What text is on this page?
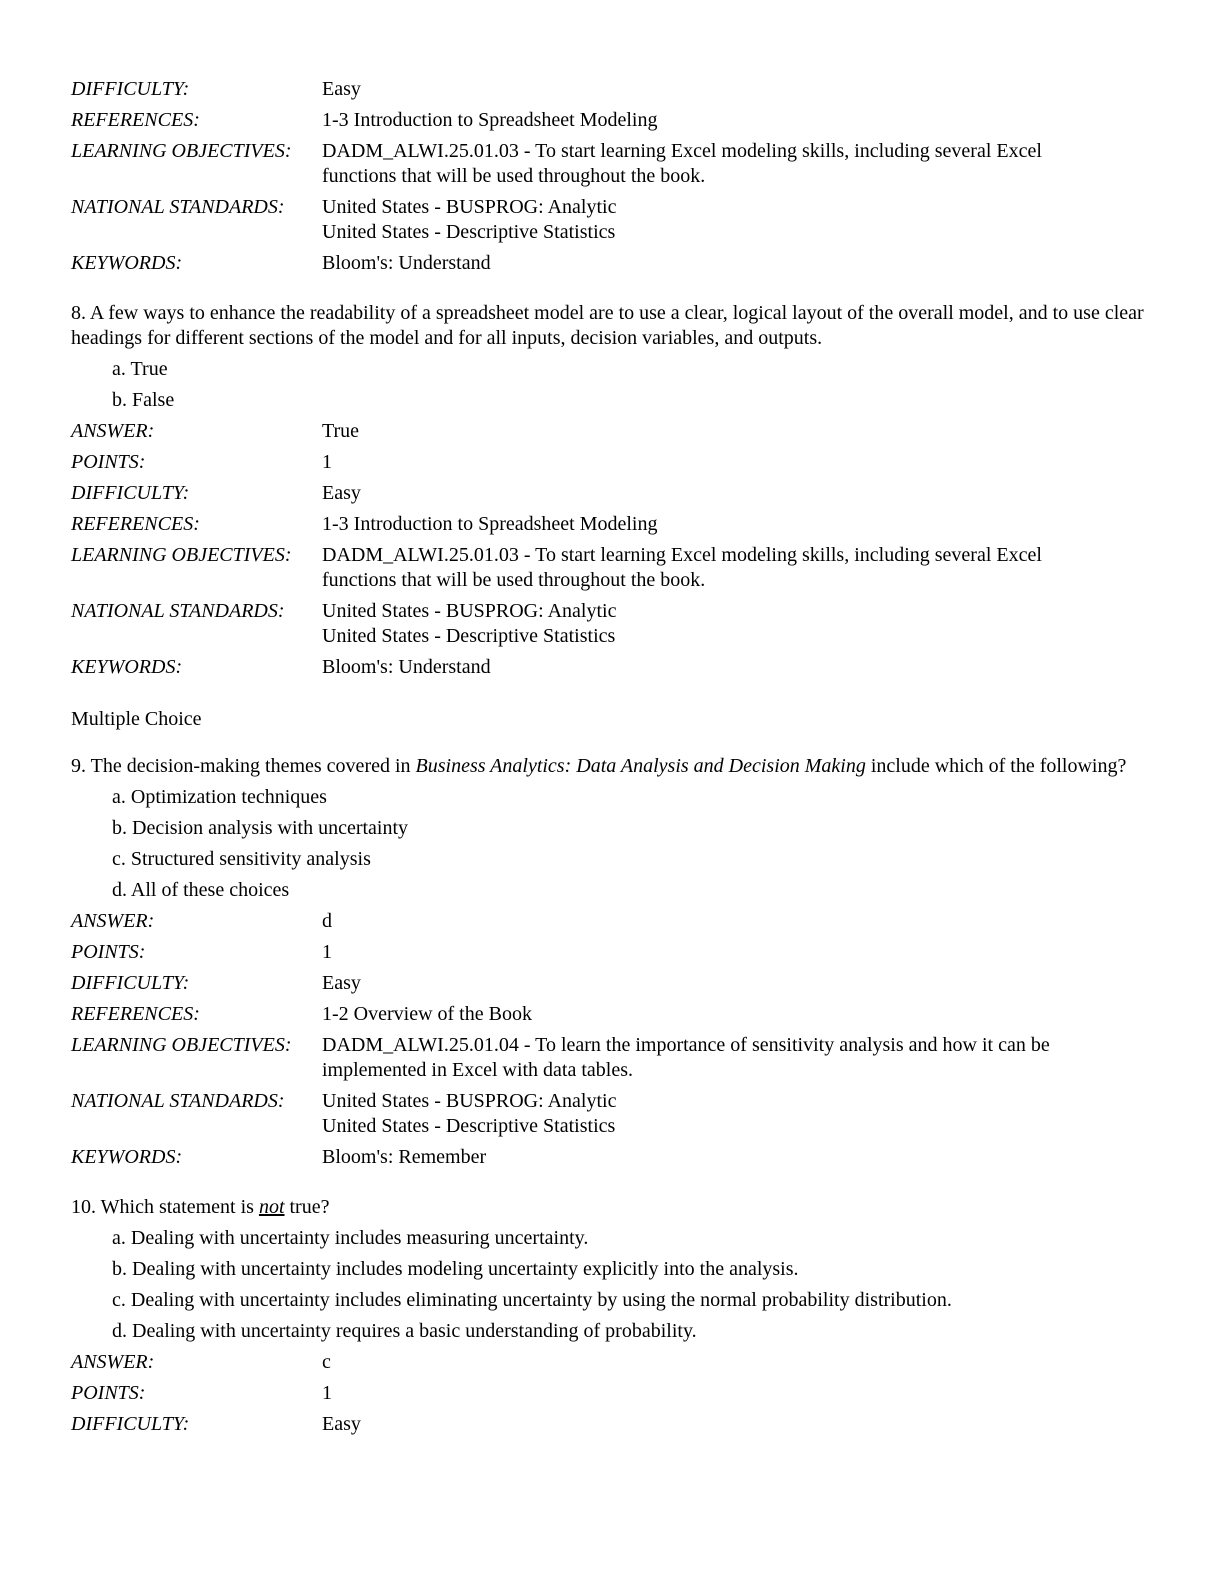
DIFFICULTY:	Easy
REFERENCES:	1-3 Introduction to Spreadsheet Modeling
LEARNING OBJECTIVES:	DADM_ALWI.25.01.03 - To start learning Excel modeling skills, including several Excel
functions that will be used throughout the book.
NATIONAL STANDARDS:	United States - BUSPROG: Analytic
United States - Descriptive Statistics
KEYWORDS:	Bloom's: Understand
8. A few ways to enhance the readability of a spreadsheet model are to use a clear, logical layout of the overall model, and to use clear headings for different sections of the model and for all inputs, decision variables, and outputs.
a. True
b. False
ANSWER:	True
POINTS:	1
DIFFICULTY:	Easy
REFERENCES:	1-3 Introduction to Spreadsheet Modeling
LEARNING OBJECTIVES:	DADM_ALWI.25.01.03 - To start learning Excel modeling skills, including several Excel
functions that will be used throughout the book.
NATIONAL STANDARDS:	United States - BUSPROG: Analytic
United States - Descriptive Statistics
KEYWORDS:	Bloom's: Understand
Multiple Choice
9. The decision-making themes covered in Business Analytics: Data Analysis and Decision Making include which of the following?
a. Optimization techniques
b. Decision analysis with uncertainty
c. Structured sensitivity analysis
d. All of these choices
ANSWER:	d
POINTS:	1
DIFFICULTY:	Easy
REFERENCES:	1-2 Overview of the Book
LEARNING OBJECTIVES:	DADM_ALWI.25.01.04 - To learn the importance of sensitivity analysis and how it can be
implemented in Excel with data tables.
NATIONAL STANDARDS:	United States - BUSPROG: Analytic
United States - Descriptive Statistics
KEYWORDS:	Bloom's: Remember
10. Which statement is not true?
a. Dealing with uncertainty includes measuring uncertainty.
b. Dealing with uncertainty includes modeling uncertainty explicitly into the analysis.
c. Dealing with uncertainty includes eliminating uncertainty by using the normal probability distribution.
d. Dealing with uncertainty requires a basic understanding of probability.
ANSWER:	c
POINTS:	1
DIFFICULTY:	Easy
